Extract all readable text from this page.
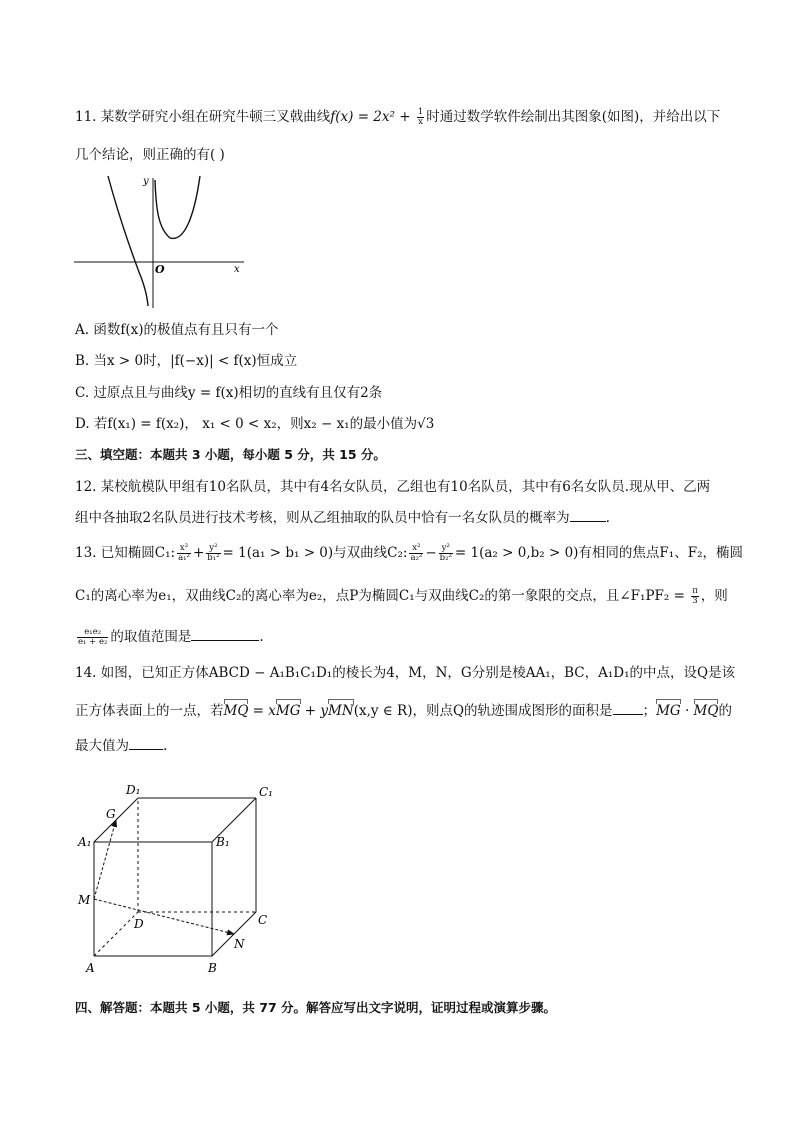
11. 某数学研究小组在研究牛顿三叉戟曲线$f(x) = 2x^2 + \frac{1}{x}$ 时通过数学软件绘制出其图象(如图)，并给出以下
几个结论，则正确的有( )
y
x
O
A. 函数f(x)的极值点有且只有一个
B. 当x > 0时，|f(−x)| < f(x)恒成立
C. 过原点且与曲线y = f(x)相切的直线有且仅有2条
D. 若f(x₁) = f(x₂)， x₁ < 0 < x₂，则x₂ − x₁的最小值为√3
三、填空题：本题共 3 小题，每小题 5 分，共 15 分。
12. 某校航模队甲组有10名队员，其中有4名女队员，乙组也有10名队员，其中有6名女队员.现从甲、乙两
组中各抽取2名队员进行技术考核，则从乙组抽取的队员中恰有一名女队员的概率为	.
13. 已知椭圆C₁: $\frac{\text{x²}}{\text{a₁²}} + \frac{\text{y²}}{\text{b₁²}} = 1(a_1 > b_1 > 0)$与双曲线C₂: $\frac{\text{x²}}{\text{a₂²}} - \frac{\text{y²}}{\text{b₂²}} = 1(a_2 > 0,b_2 > 0)$有相同的焦点F₁、F₂，椭圆
C₁的离心率为e₁，双曲线C₂的离心率为e₂，点P为椭圆C₁与双曲线C₂的第一象限的交点，且∠F₁PF₂ = $\frac{\pi}{3}$ ，则
$\frac{\text{e₁e₂}}{\text{e₁ + e₂}}$ 的取值范围是	.
14. 如图，已知正方体ABCD − A₁B₁C₁D₁的棱长为4，M，N，G分别是棱AA₁，BC，A₁D₁的中点，设Q是该
正方体表面上的一点，若MQ = xMG + yMN(x,y ∈ R)，则点Q的轨迹围成图形的面积是 ；MG · MQ的
最大值为	.
D₁	C₁
A₁	B₁
G
M
D	C
N
A	B
四、解答题：本题共 5 小题，共 77 分。解答应写出文字说明，证明过程或演算步骤。
